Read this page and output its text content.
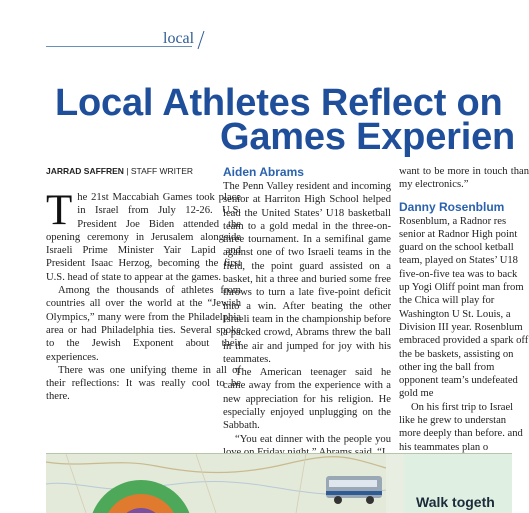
local
Local Athletes Reflect on
Games Experien
JARRAD SAFFREN | STAFF WRITER

The 21st Maccabiah Games took place in Israel from July 12-26. U.S. President Joe Biden attended the opening ceremony in Jerusalem alongside Israeli Prime Minister Yair Lapid and President Isaac Herzog, becoming the first U.S. head of state to appear at the games.

Among the thousands of athletes from countries all over the world at the “Jewish Olympics,” many were from the Philadelphia area or had Philadelphia ties. Several spoke to the Jewish Exponent about their experiences.

There was one unifying theme in all of their reflections: It was really cool to be there.

Aiden Abrams

The Penn Valley resident and incoming senior at Harriton High School helped lead the United States’ U18 basketball team to a gold medal in the three-on-three tournament. In a semifinal game against one of two Israeli teams in the field, the point guard assisted on a basket, hit a three and buried some free throws to turn a late five-point deficit into a win. After beating the other Israeli team in the championship before a packed crowd, Abrams threw the ball in the air and jumped for joy with his teammates.

The American teenager said he came away from the experience with a new appreciation for his religion. He especially enjoyed unplugging on the Sabbath.

“You eat dinner with the people you

want to be more in touch than my electronics.”

Danny Rosenblum

Rosenblum, a Radnor res senior at Radnor High point guard on the school ketball team, played on States’ U18 five-on-five tea was to back up Yogi Oliff point man from the Chica will play for Washington U St. Louis, a Division III year. Rosenblum embraced provided a spark off the be baskets, assisting on other ing the ball from opponent team’s undefeated gold me

On his first trip to Israel like he grew to understan more deeply than before. and his teammates plan o

Walk togeth
